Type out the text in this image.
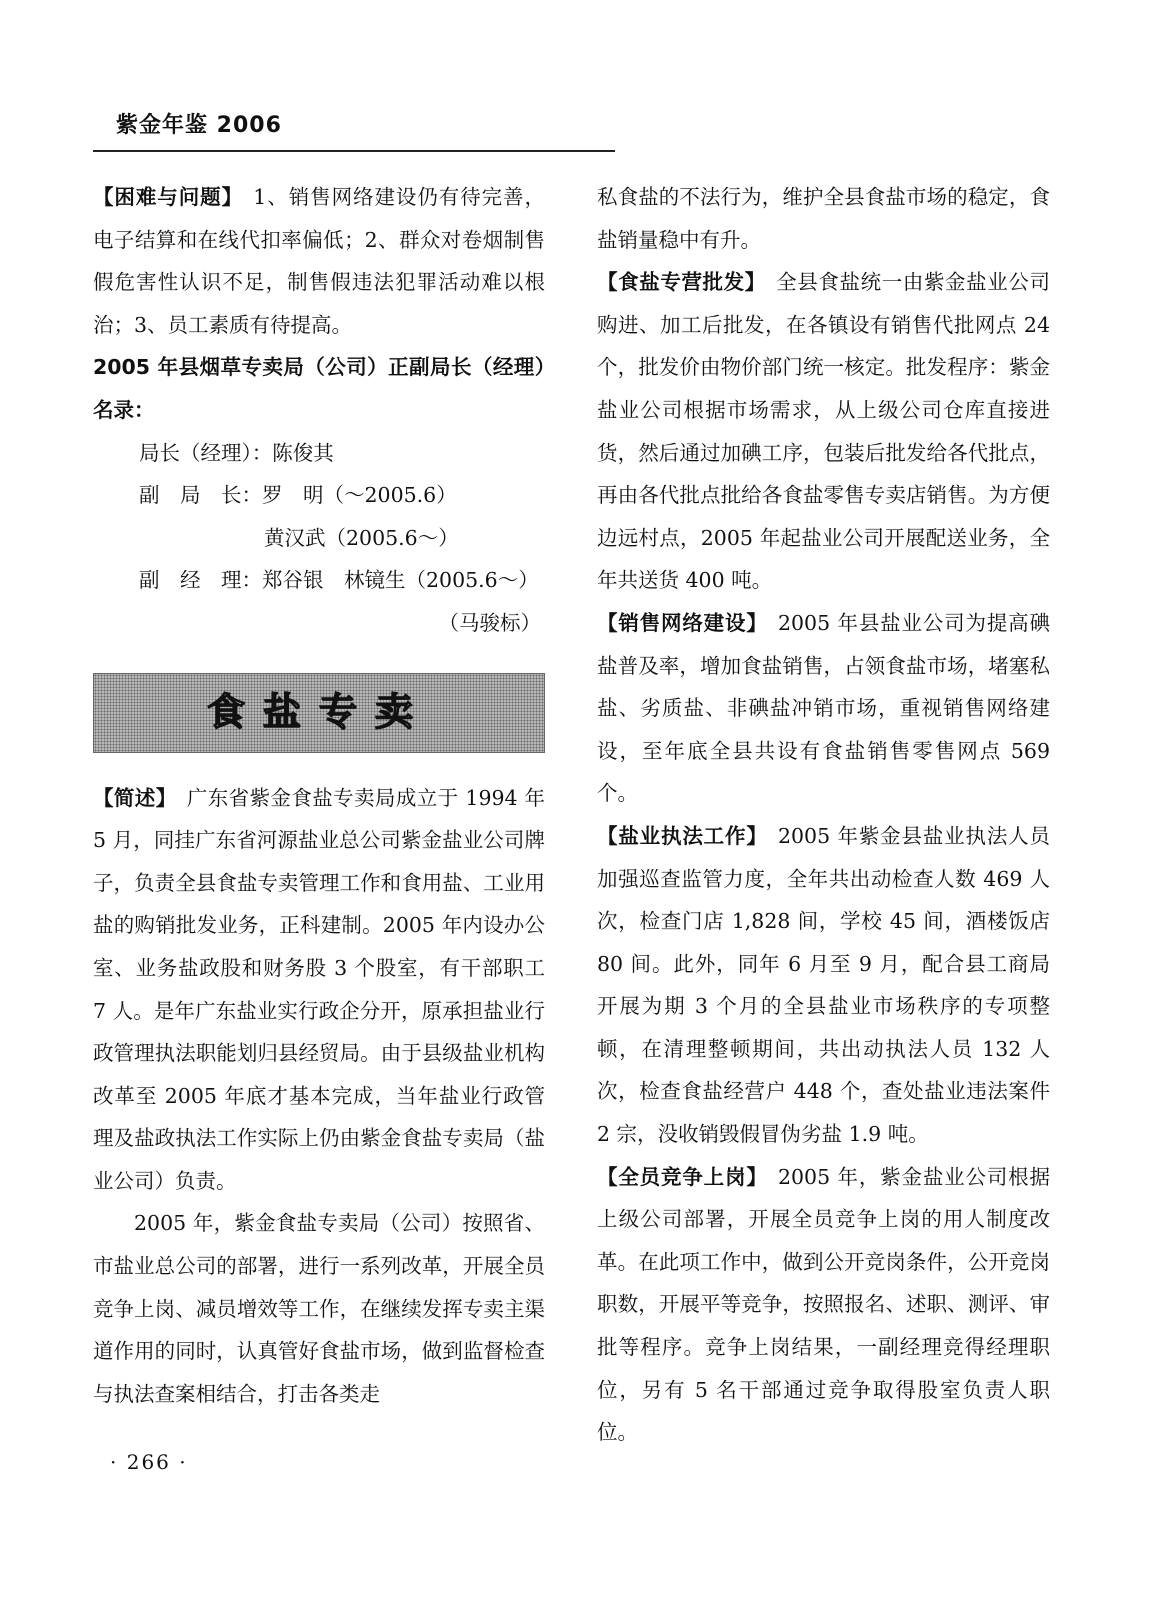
紫金年鉴 2006

【困难与问题】 1、销售网络建设仍有待完善，电子结算和在线代扣率偏低；2、群众对卷烟制售假危害性认识不足，制售假违法犯罪活动难以根治；3、员工素质有待提高。

2005 年县烟草专卖局（公司）正副局长（经理）名录：

局长（经理）：陈俊其

副　局　长：罗　明（～2005.6）

黄汉武（2005.6～）

副　经　理：郑谷银　林镜生（2005.6～）

（马骏标）

食盐专卖

【简述】 广东省紫金食盐专卖局成立于 1994 年 5 月，同挂广东省河源盐业总公司紫金盐业公司牌子，负责全县食盐专卖管理工作和食用盐、工业用盐的购销批发业务，正科建制。2005 年内设办公室、业务盐政股和财务股 3 个股室，有干部职工 7 人。是年广东盐业实行政企分开，原承担盐业行政管理执法职能划归县经贸局。由于县级盐业机构改革至 2005 年底才基本完成，当年盐业行政管理及盐政执法工作实际上仍由紫金食盐专卖局（盐业公司）负责。

2005 年，紫金食盐专卖局（公司）按照省、市盐业总公司的部署，进行一系列改革，开展全员竞争上岗、减员增效等工作，在继续发挥专卖主渠道作用的同时，认真管好食盐市场，做到监督检查与执法查案相结合，打击各类走

私食盐的不法行为，维护全县食盐市场的稳定，食盐销量稳中有升。

【食盐专营批发】 全县食盐统一由紫金盐业公司购进、加工后批发，在各镇设有销售代批网点 24 个，批发价由物价部门统一核定。批发程序：紫金盐业公司根据市场需求，从上级公司仓库直接进货，然后通过加碘工序，包装后批发给各代批点，再由各代批点批给各食盐零售专卖店销售。为方便边远村点，2005 年起盐业公司开展配送业务，全年共送货 400 吨。

【销售网络建设】 2005 年县盐业公司为提高碘盐普及率，增加食盐销售，占领食盐市场，堵塞私盐、劣质盐、非碘盐冲销市场，重视销售网络建设，至年底全县共设有食盐销售零售网点 569 个。

【盐业执法工作】 2005 年紫金县盐业执法人员加强巡查监管力度，全年共出动检查人数 469 人次，检查门店 1,828 间，学校 45 间，酒楼饭店 80 间。此外，同年 6 月至 9 月，配合县工商局开展为期 3 个月的全县盐业市场秩序的专项整顿，在清理整顿期间，共出动执法人员 132 人次，检查食盐经营户 448 个，查处盐业违法案件 2 宗，没收销毁假冒伪劣盐 1.9 吨。

【全员竞争上岗】 2005 年，紫金盐业公司根据上级公司部署，开展全员竞争上岗的用人制度改革。在此项工作中，做到公开竞岗条件，公开竞岗职数，开展平等竞争，按照报名、述职、测评、审批等程序。竞争上岗结果，一副经理竞得经理职位，另有 5 名干部通过竞争取得股室负责人职位。

· 266 ·
